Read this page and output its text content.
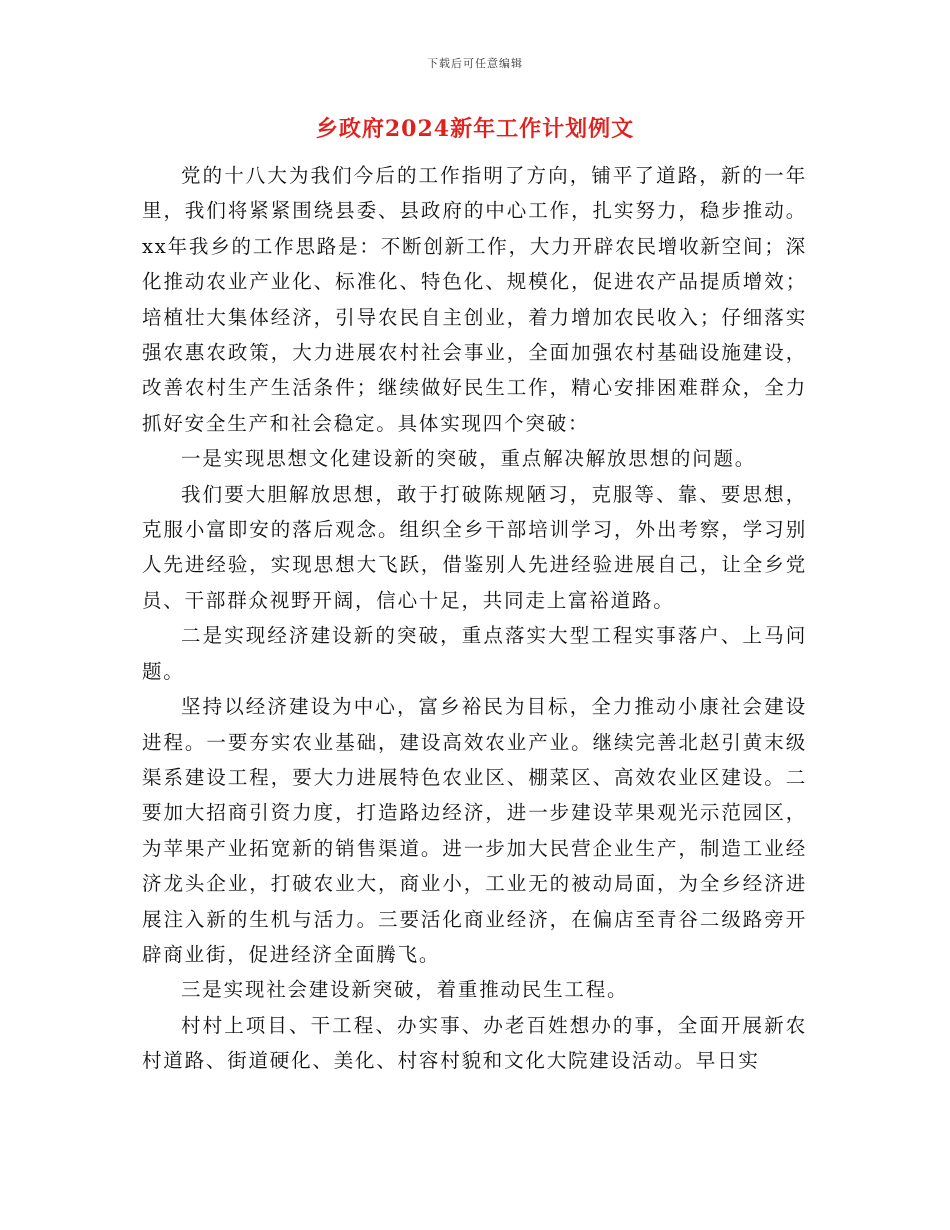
下载后可任意编辑
乡政府2024新年工作计划例文

党的十八大为我们今后的工作指明了方向，铺平了道路，新的一年里，我们将紧紧围绕县委、县政府的中心工作，扎实努力，稳步推动。xx年我乡的工作思路是：不断创新工作，大力开辟农民增收新空间；深化推动农业产业化、标准化、特色化、规模化，促进农产品提质增效；培植壮大集体经济，引导农民自主创业，着力增加农民收入；仔细落实强农惠农政策，大力进展农村社会事业，全面加强农村基础设施建设，改善农村生产生活条件；继续做好民生工作，精心安排困难群众，全力抓好安全生产和社会稳定。具体实现四个突破：

一是实现思想文化建设新的突破，重点解决解放思想的问题。

我们要大胆解放思想，敢于打破陈规陋习，克服等、靠、要思想，克服小富即安的落后观念。组织全乡干部培训学习，外出考察，学习别人先进经验，实现思想大飞跃，借鉴别人先进经验进展自己，让全乡党员、干部群众视野开阔，信心十足，共同走上富裕道路。

二是实现经济建设新的突破，重点落实大型工程实事落户、上马问题。

坚持以经济建设为中心，富乡裕民为目标，全力推动小康社会建设进程。一要夯实农业基础，建设高效农业产业。继续完善北赵引黄末级渠系建设工程，要大力进展特色农业区、棚菜区、高效农业区建设。二要加大招商引资力度，打造路边经济，进一步建设苹果观光示范园区，为苹果产业拓宽新的销售渠道。进一步加大民营企业生产，制造工业经济龙头企业，打破农业大，商业小，工业无的被动局面，为全乡经济进展注入新的生机与活力。三要活化商业经济，在偏店至青谷二级路旁开辟商业街，促进经济全面腾飞。

三是实现社会建设新突破，着重推动民生工程。

村村上项目、干工程、办实事、办老百姓想办的事，全面开展新农村道路、街道硬化、美化、村容村貌和文化大院建设活动。早日实
